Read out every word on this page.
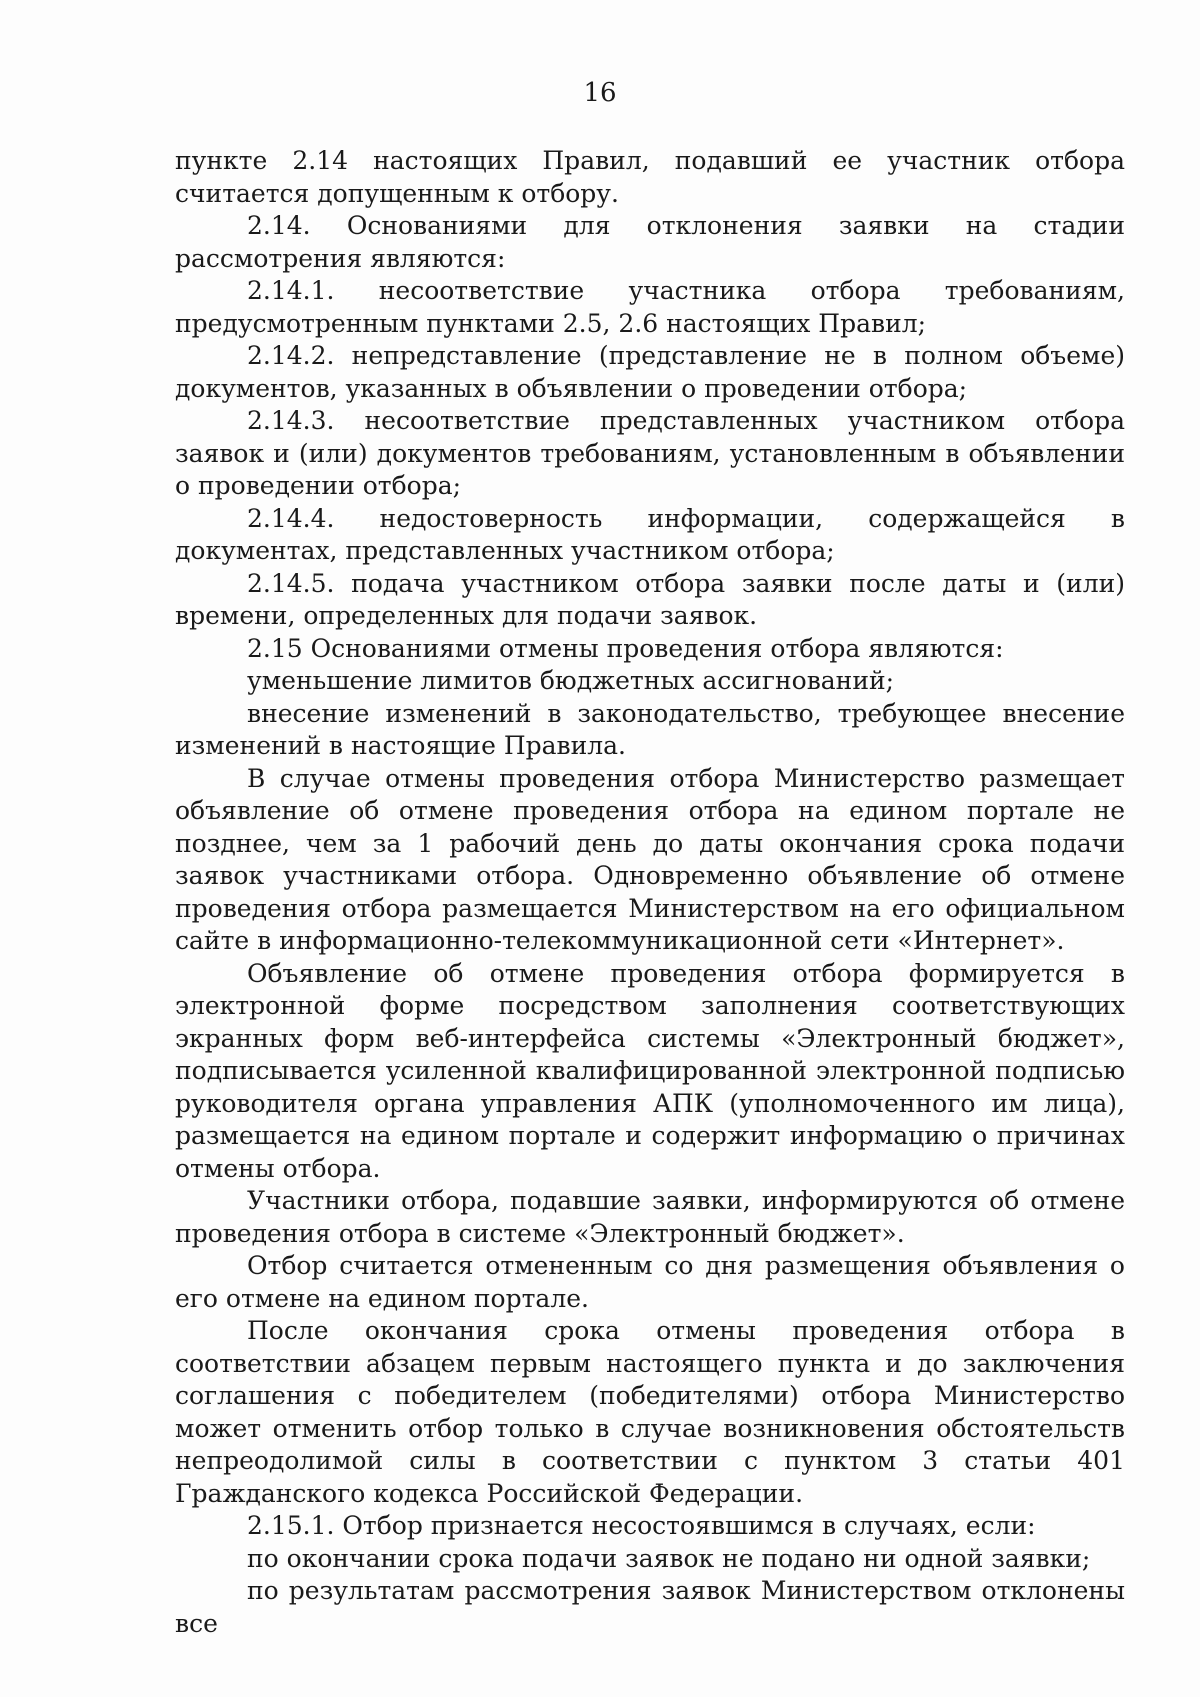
16

пункте 2.14 настоящих Правил, подавший ее участник отбора считается допущенным к отбору.

2.14. Основаниями для отклонения заявки на стадии рассмотрения являются:

2.14.1. несоответствие участника отбора требованиям, предусмотренным пунктами 2.5, 2.6 настоящих Правил;

2.14.2. непредставление (представление не в полном объеме) документов, указанных в объявлении о проведении отбора;

2.14.3. несоответствие представленных участником отбора заявок и (или) документов требованиям, установленным в объявлении о проведении отбора;

2.14.4. недостоверность информации, содержащейся в документах, представленных участником отбора;

2.14.5. подача участником отбора заявки после даты и (или) времени, определенных для подачи заявок.

2.15 Основаниями отмены проведения отбора являются:

уменьшение лимитов бюджетных ассигнований;

внесение изменений в законодательство, требующее внесение изменений в настоящие Правила.

В случае отмены проведения отбора Министерство размещает объявление об отмене проведения отбора на едином портале не позднее, чем за 1 рабочий день до даты окончания срока подачи заявок участниками отбора. Одновременно объявление об отмене проведения отбора размещается Министерством на его официальном сайте в информационно-телекоммуникационной сети «Интернет».

Объявление об отмене проведения отбора формируется в электронной форме посредством заполнения соответствующих экранных форм веб-интерфейса системы «Электронный бюджет», подписывается усиленной квалифицированной электронной подписью руководителя органа управления АПК (уполномоченного им лица), размещается на едином портале и содержит информацию о причинах отмены отбора.

Участники отбора, подавшие заявки, информируются об отмене проведения отбора в системе «Электронный бюджет».

Отбор считается отмененным со дня размещения объявления о его отмене на едином портале.

После окончания срока отмены проведения отбора в соответствии абзацем первым настоящего пункта и до заключения соглашения с победителем (победителями) отбора Министерство может отменить отбор только в случае возникновения обстоятельств непреодолимой силы в соответствии с пунктом 3 статьи 401 Гражданского кодекса Российской Федерации.

2.15.1. Отбор признается несостоявшимся в случаях, если:

по окончании срока подачи заявок не подано ни одной заявки;

по результатам рассмотрения заявок Министерством отклонены все
